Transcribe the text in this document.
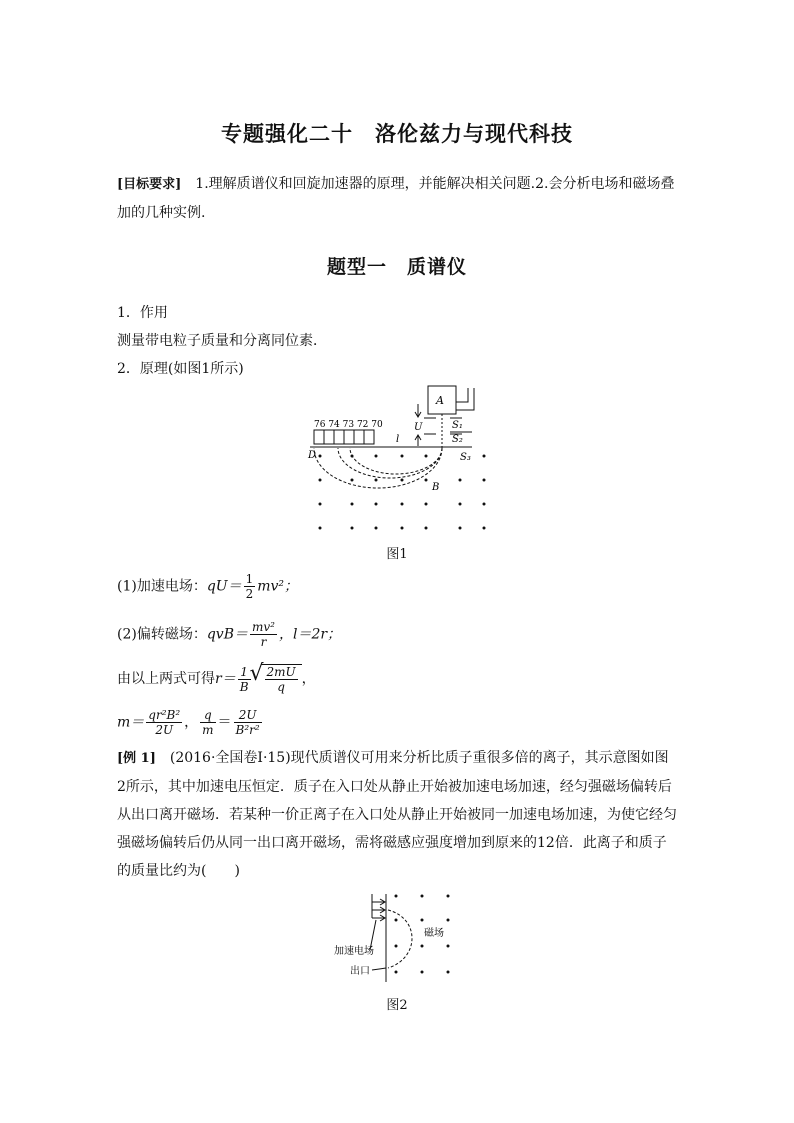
专题强化二十　洛伦兹力与现代科技
[目标要求]　1.理解质谱仪和回旋加速器的原理，并能解决相关问题.2.会分析电场和磁场叠加的几种实例.
题型一　质谱仪
1．作用
测量带电粒子质量和分离同位素．
2．原理(如图1所示)
A
U	S₁
S₂
S₃
76 74 73 72 70
l
D
B
图1
(1)加速电场：$qU= \frac{1}{2} mv^2$；
(2)偏转磁场：$qvB= \frac{\text{mv²}}{r}$ ，l＝2r；
由以上两式可得$r= \frac{1}{B}$
√ $\frac{2mU}{q}$ ，
$m= \frac{\text{qr²B²}}{2U}$ ， $\frac{q}{m} = \frac{2U}{\text{B²r²}}$
[例 1]　(2016·全国卷Ⅰ·15)现代质谱仪可用来分析比质子重很多倍的离子，其示意图如图2所示，其中加速电压恒定．质子在入口处从静止开始被加速电场加速，经匀强磁场偏转后从出口离开磁场．若某种一价正离子在入口处从静止开始被同一加速电场加速，为使它经匀强磁场偏转后仍从同一出口离开磁场，需将磁感应强度增加到原来的12倍．此离子和质子的质量比约为(　　)
磁场
加速电场
出口
图2
